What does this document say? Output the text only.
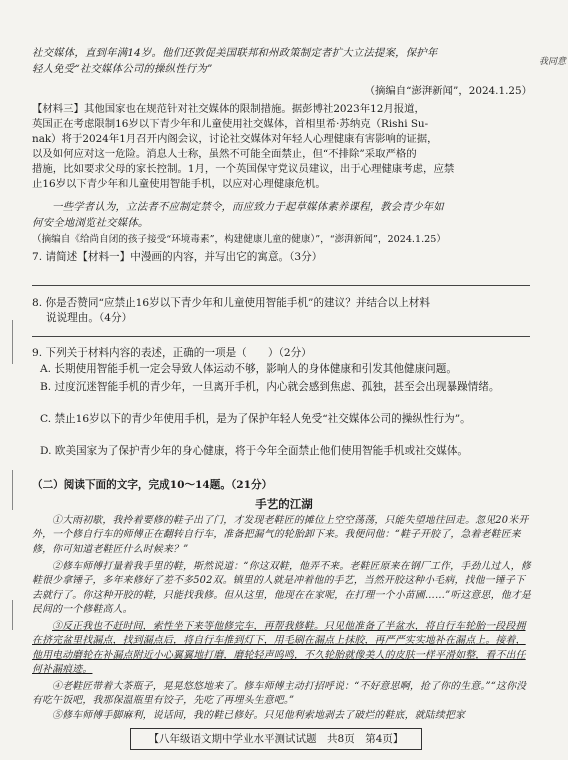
我同意

社交媒体，直到年满14岁。他们还敦促美国联邦和州政策制定者扩大立法提案，保护年

轻人免受“社交媒体公司的操纵性行为”

（摘编自“澎湃新闻”，2024.1.25）

【材料三】其他国家也在规范针对社交媒体的限制措施。据彭博社2023年12月报道，

英国正在考虑限制16岁以下青少年和儿童使用社交媒体，首相里希·苏纳克（Rishi Su-

nak）将于2024年1月召开内阁会议，讨论社交媒体对年轻人心理健康有害影响的证据，

以及如何应对这一危险。消息人士称，虽然不可能全面禁止，但“不排除”采取严格的

措施，比如要求父母的家长控制。1月，一个英国保守党议员建议，出于心理健康考虑，应禁

止16岁以下青少年和儿童使用智能手机，以应对心理健康危机。

一些学者认为，立法者不应制定禁令，而应致力于起草媒体素养课程，教会青少年如

何安全地浏览社交媒体。

（摘编自《给尚自闭的孩子接受“环境毒素”，构建健康儿童的健康）”，“澎湃新闻”，2024.1.25）

7. 请简述【材料一】中漫画的内容，并写出它的寓意。（3分）

8. 你是否赞同“应禁止16岁以下青少年和儿童使用智能手机”的建议？并结合以上材料

说说理由。（4分）

9. 下列关于材料内容的表述，正确的一项是（　　）（2分）

A. 长期使用智能手机一定会导致人体运动不够，影响人的身体健康和引发其他健康问题。

B. 过度沉迷智能手机的青少年，一旦离开手机，内心就会感到焦虑、孤独，甚至会出现暴躁情绪。

C. 禁止16岁以下的青少年使用手机，是为了保护年轻人免受“社交媒体公司的操纵性行为”。

D. 欧美国家为了保护青少年的身心健康，将于今年全面禁止他们使用智能手机或社交媒体。

（二）阅读下面的文字，完成10～14题。（21分）

手艺的江湖

①大雨初歇，我拎着要修的鞋子出了门，才发现老鞋匠的摊位上空空荡荡，只能失望地往回走。忽见20米开外，一个修自行车的师傅正在翻转自行车，准备把漏气的轮胎卸下来。我便问他：“鞋子开胶了，急着老鞋匠来修，你可知道老鞋匠什么时候来？”

②修车师傅打量着我手里的鞋，斯然说道：“你这双鞋，他弄不来。老鞋匠原来在钢厂工作，手劲儿过人，修鞋很少拿锤子，多年来修好了差不多502双。镇里的人就是冲着他的手艺，当然开胶这种小毛病，找他一锤子下去就行了。你这种开胶的鞋，只能找我修。但从这里，他现在在家呢，在打理一个小苗圃……”听这意思，他才是民间的一个修鞋高人。

③反正我也不赶时间，索性坐下来等他修完车，再帮我修鞋。只见他准备了半盆水，将自行车轮胎一段段拥在挤完盆里找漏点，找到漏点后，将自行车推到灯下，用毛刷在漏点上抹胶，再严严实实地补在漏点上。接着，他用电动磨轮在补漏点附近小心翼翼地打磨，磨轮轻声呜鸣，不久轮胎就像美人的皮肤一样平滑如整，看不出任何补漏痕迹。

④老鞋匠带着大茶瓶子，晃晃悠悠地来了。修车师傅主动打招呼说：“不好意思啊，抢了你的生意。”“这你没有吃午饭吧，我那保温瓶里有饺子，先吃了再埋头生意吧。”

⑤修车师傅手脚麻利，说话间，我的鞋已修好。只见他利索地剥去了破烂的鞋底，就陆续把家

【八年级语文期中学业水平测试试题　共8页　第4页】
